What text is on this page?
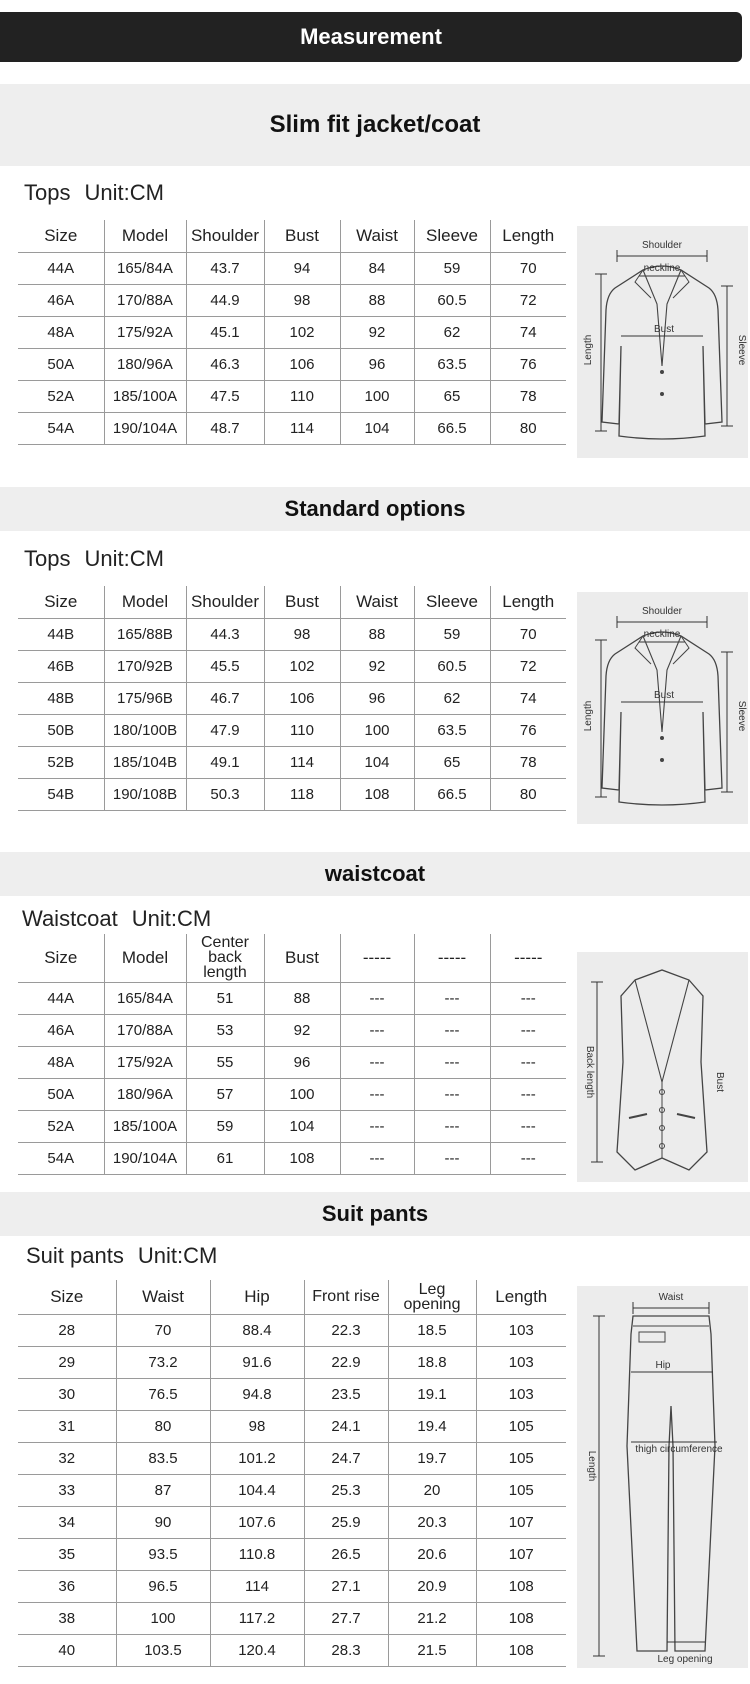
Measurement
Slim fit jacket/coat
Tops Unit:CM
Size	Model	Shoulder	Bust	Waist	Sleeve	Length
44A	165/84A	43.7	94	84	59	70
46A	170/88A	44.9	98	88	60.5	72
48A	175/92A	45.1	102	92	62	74
50A	180/96A	46.3	106	96	63.5	76
52A	185/100A	47.5	110	100	65	78
54A	190/104A	48.7	114	104	66.5	80
Shoulder
neckline
Bust
Length	Sleeve
Standard options
Tops Unit:CM
Size	Model	Shoulder	Bust	Waist	Sleeve	Length
44B	165/88B	44.3	98	88	59	70
46B	170/92B	45.5	102	92	60.5	72
48B	175/96B	46.7	106	96	62	74
50B	180/100B	47.9	110	100	63.5	76
52B	185/104B	49.1	114	104	65	78
54B	190/108B	50.3	118	108	66.5	80
Shoulder
neckline
Bust
Length	Sleeve
waistcoat
Waistcoat Unit:CM
Size	Model	Center back length	Bust	-----	-----	-----
44A	165/84A	51	88	---	---	---
46A	170/88A	53	92	---	---	---
48A	175/92A	55	96	---	---	---
50A	180/96A	57	100	---	---	---
52A	185/100A	59	104	---	---	---
54A	190/104A	61	108	---	---	---
Back length	Bust
Suit pants
Suit pants Unit:CM
Size	Waist	Hip	Front rise	Leg opening	Length
28	70	88.4	22.3	18.5	103
29	73.2	91.6	22.9	18.8	103
30	76.5	94.8	23.5	19.1	103
31	80	98	24.1	19.4	105
32	83.5	101.2	24.7	19.7	105
33	87	104.4	25.3	20	105
34	90	107.6	25.9	20.3	107
35	93.5	110.8	26.5	20.6	107
36	96.5	114	27.1	20.9	108
38	100	117.2	27.7	21.2	108
40	103.5	120.4	28.3	21.5	108
Waist
Hip
Length
thigh circumference
Leg opening
